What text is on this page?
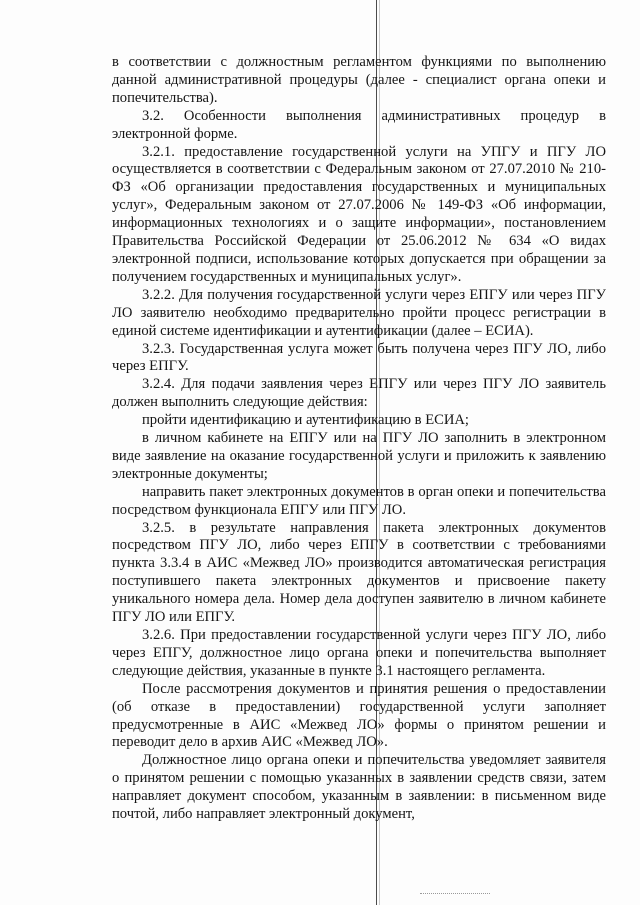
в соответствии с должностным регламентом функциями по выполнению данной административной процедуры (далее - специалист органа опеки и попечительства).

3.2. Особенности выполнения административных процедур в электронной форме.

3.2.1. предоставление государственной услуги на УПГУ и ПГУ ЛО осуществляется в соответствии с Федеральным законом от 27.07.2010 № 210-ФЗ «Об организации предоставления государственных и муниципальных услуг», Федеральным законом от 27.07.2006 № 149-ФЗ «Об информации, информационных технологиях и о защите информации», постановлением Правительства Российской Федерации от 25.06.2012 № 634 «О видах электронной подписи, использование которых допускается при обращении за получением государственных и муниципальных услуг».

3.2.2. Для получения государственной услуги через ЕПГУ или через ПГУ ЛО заявителю необходимо предварительно пройти процесс регистрации в единой системе идентификации и аутентификации (далее – ЕСИА).

3.2.3. Государственная услуга может быть получена через ПГУ ЛО, либо через ЕПГУ.

3.2.4. Для подачи заявления через ЕПГУ или через ПГУ ЛО заявитель должен выполнить следующие действия:

пройти идентификацию и аутентификацию в ЕСИА;

в личном кабинете на ЕПГУ или на ПГУ ЛО заполнить в электронном виде заявление на оказание государственной услуги и приложить к заявлению электронные документы;

направить пакет электронных документов в орган опеки и попечительства посредством функционала ЕПГУ или ПГУ ЛО.

3.2.5. в результате направления пакета электронных документов посредством ПГУ ЛО, либо через ЕПГУ в соответствии с требованиями пункта 3.3.4 в АИС «Межвед ЛО» производится автоматическая регистрация поступившего пакета электронных документов и присвоение пакету уникального номера дела. Номер дела доступен заявителю в личном кабинете ПГУ ЛО или ЕПГУ.

3.2.6. При предоставлении государственной услуги через ПГУ ЛО, либо через ЕПГУ, должностное лицо органа опеки и попечительства выполняет следующие действия, указанные в пункте 3.1 настоящего регламента.

После рассмотрения документов и принятия решения о предоставлении (об отказе в предоставлении) государственной услуги заполняет предусмотренные в АИС «Межвед ЛО» формы о принятом решении и переводит дело в архив АИС «Межвед ЛО».

Должностное лицо органа опеки и попечительства уведомляет заявителя о принятом решении с помощью указанных в заявлении средств связи, затем направляет документ способом, указанным в заявлении: в письменном виде почтой, либо направляет электронный документ,
